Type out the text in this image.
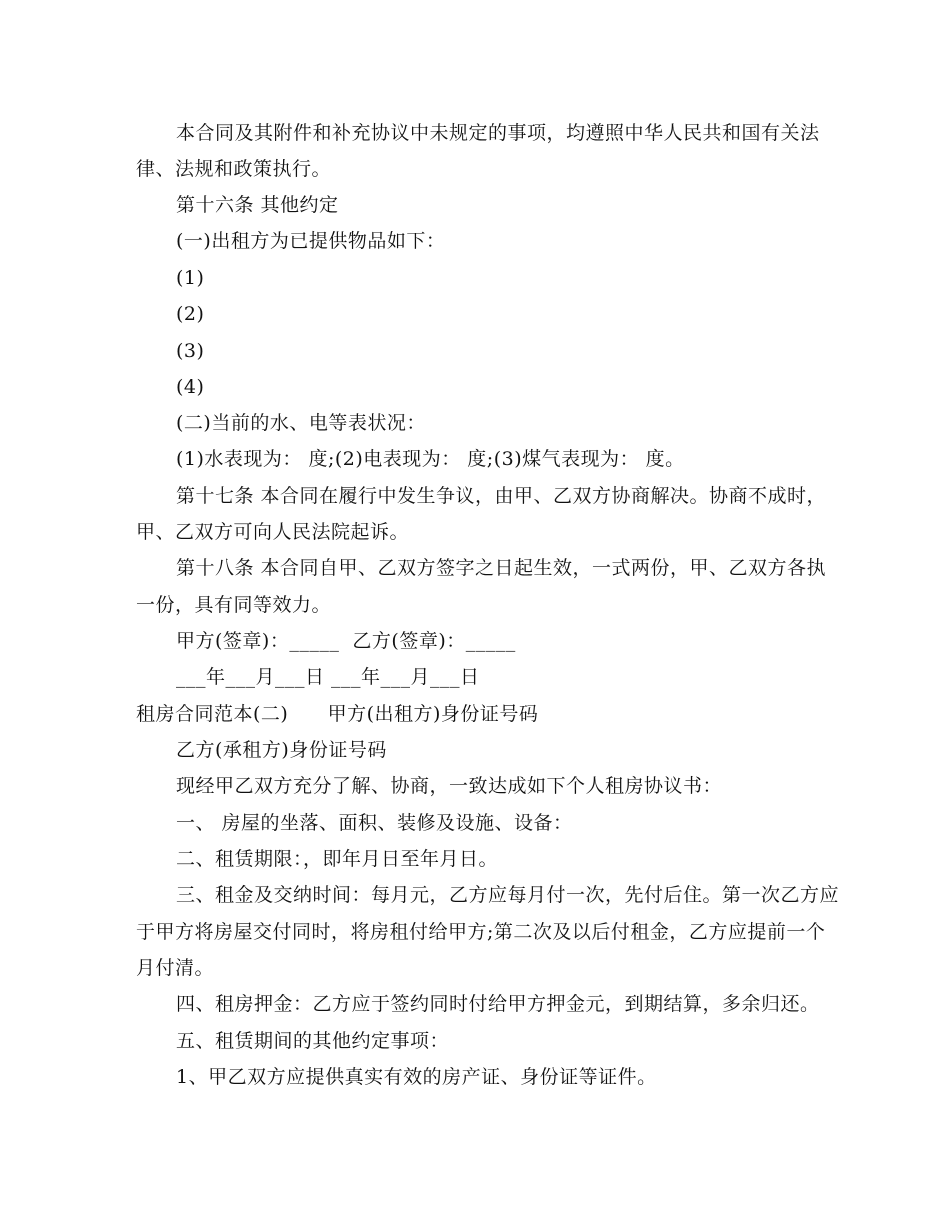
本合同及其附件和补充协议中未规定的事项，均遵照中华人民共和国有关法
律、法规和政策执行。
第十六条 其他约定
(一)出租方为已提供物品如下：
(1)
(2)
(3)
(4)
(二)当前的水、电等表状况：
(1)水表现为： 度;(2)电表现为： 度;(3)煤气表现为： 度。
第十七条 本合同在履行中发生争议，由甲、乙双方协商解决。协商不成时，
甲、乙双方可向人民法院起诉。
第十八条 本合同自甲、乙双方签字之日起生效，一式两份，甲、乙双方各执
一份，具有同等效力。
甲方(签章)：_____  乙方(签章)：_____
___年___月___日 ___年___月___日
租房合同范本(二)      甲方(出租方)身份证号码
乙方(承租方)身份证号码
现经甲乙双方充分了解、协商，一致达成如下个人租房协议书：
一、 房屋的坐落、面积、装修及设施、设备：
二、租赁期限：，即年月日至年月日。
三、租金及交纳时间：每月元，乙方应每月付一次，先付后住。第一次乙方应
于甲方将房屋交付同时，将房租付给甲方;第二次及以后付租金，乙方应提前一个
月付清。
四、租房押金：乙方应于签约同时付给甲方押金元，到期结算，多余归还。
五、租赁期间的其他约定事项：
1、甲乙双方应提供真实有效的房产证、身份证等证件。
